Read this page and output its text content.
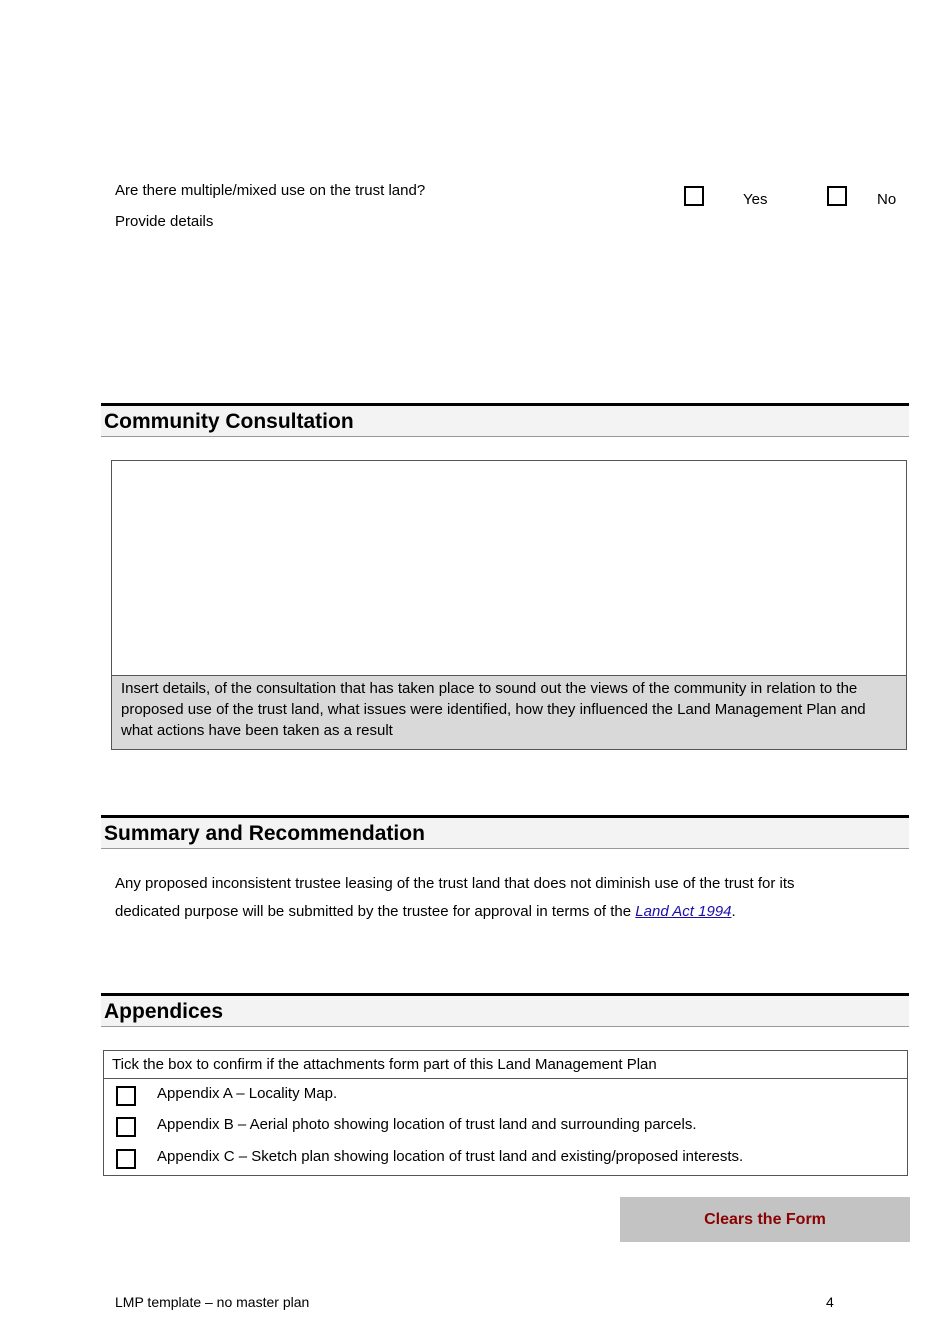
Are there multiple/mixed use on the trust land?
Provide details
Yes	No
Community Consultation
Insert details, of the consultation that has taken place to sound out the views of the community in relation to the proposed use of the trust land, what issues were identified, how they influenced the Land Management Plan and what actions have been taken as a result
Summary and Recommendation
Any proposed inconsistent trustee leasing of the trust land that does not diminish use of the trust for its dedicated purpose will be submitted by the trustee for approval in terms of the Land Act 1994.
Appendices
Tick the box to confirm if the attachments form part of this Land Management Plan
Appendix A – Locality Map.
Appendix B – Aerial photo showing location of trust land and surrounding parcels.
Appendix C – Sketch plan showing location of trust land and existing/proposed interests.
Clears the Form
LMP template – no master plan	4
